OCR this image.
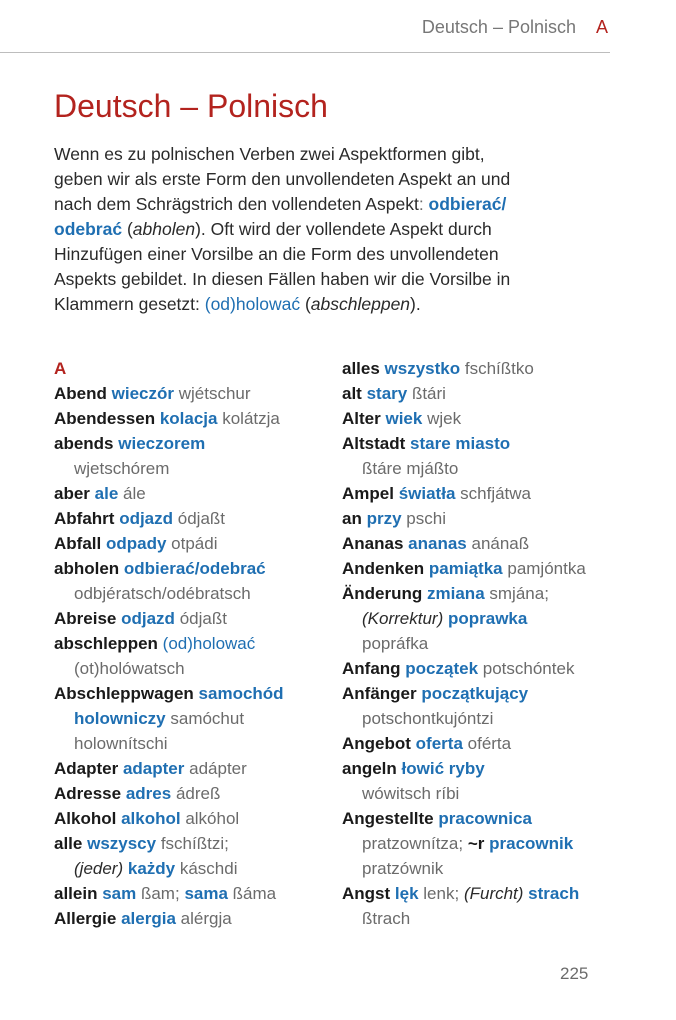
Deutsch – Polnisch A
Deutsch – Polnisch

Wenn es zu polnischen Verben zwei Aspektformen gibt,

geben wir als erste Form den unvollendeten Aspekt an und

nach dem Schrägstrich den vollendeten Aspekt: odbierać/

odebrać (abholen). Oft wird der vollendete Aspekt durch

Hinzufügen einer Vorsilbe an die Form des unvollendeten

Aspekts gebildet. In diesen Fällen haben wir die Vorsilbe in

Klammern gesetzt: (od)holować (abschleppen).

A
Abend wieczór wjétschur
Abendessen kolacja kolátzja
abends wieczorem
wjetschórem
aber ale ále
Abfahrt odjazd ódjaßt
Abfall odpady otpádi
abholen odbierać/odebrać
odbjératsch/odébratsch
Abreise odjazd ódjaßt
abschleppen (od)holować
(ot)holówatsch
Abschleppwagen samochód
holowniczy samóchut
holownítschi
Adapter adapter adápter
Adresse adres ádreß
Alkohol alkohol alkóhol
alle wszyscy fschíßtzi;
(jeder) każdy káschdi
allein sam ßam; sama ßáma
Allergie alergia alérgja
alles wszystko fschíßtko
alt stary ßtári
Alter wiek wjek
Altstadt stare miasto
ßtáre mjáßto
Ampel światła schfjátwa
an przy pschi
Ananas ananas anánaß
Andenken pamiątka pamjóntka
Änderung zmiana smjána;
(Korrektur) poprawka
popráfka
Anfang początek potschóntek
Anfänger początkujący
potschontkujóntzi
Angebot oferta oférta
angeln łowić ryby
wówitsch ríbi
Angestellte pracownica
pratzownítza; ~r pracownik
pratzównik
Angst lęk lenk; (Furcht) strach
ßtrach
225
